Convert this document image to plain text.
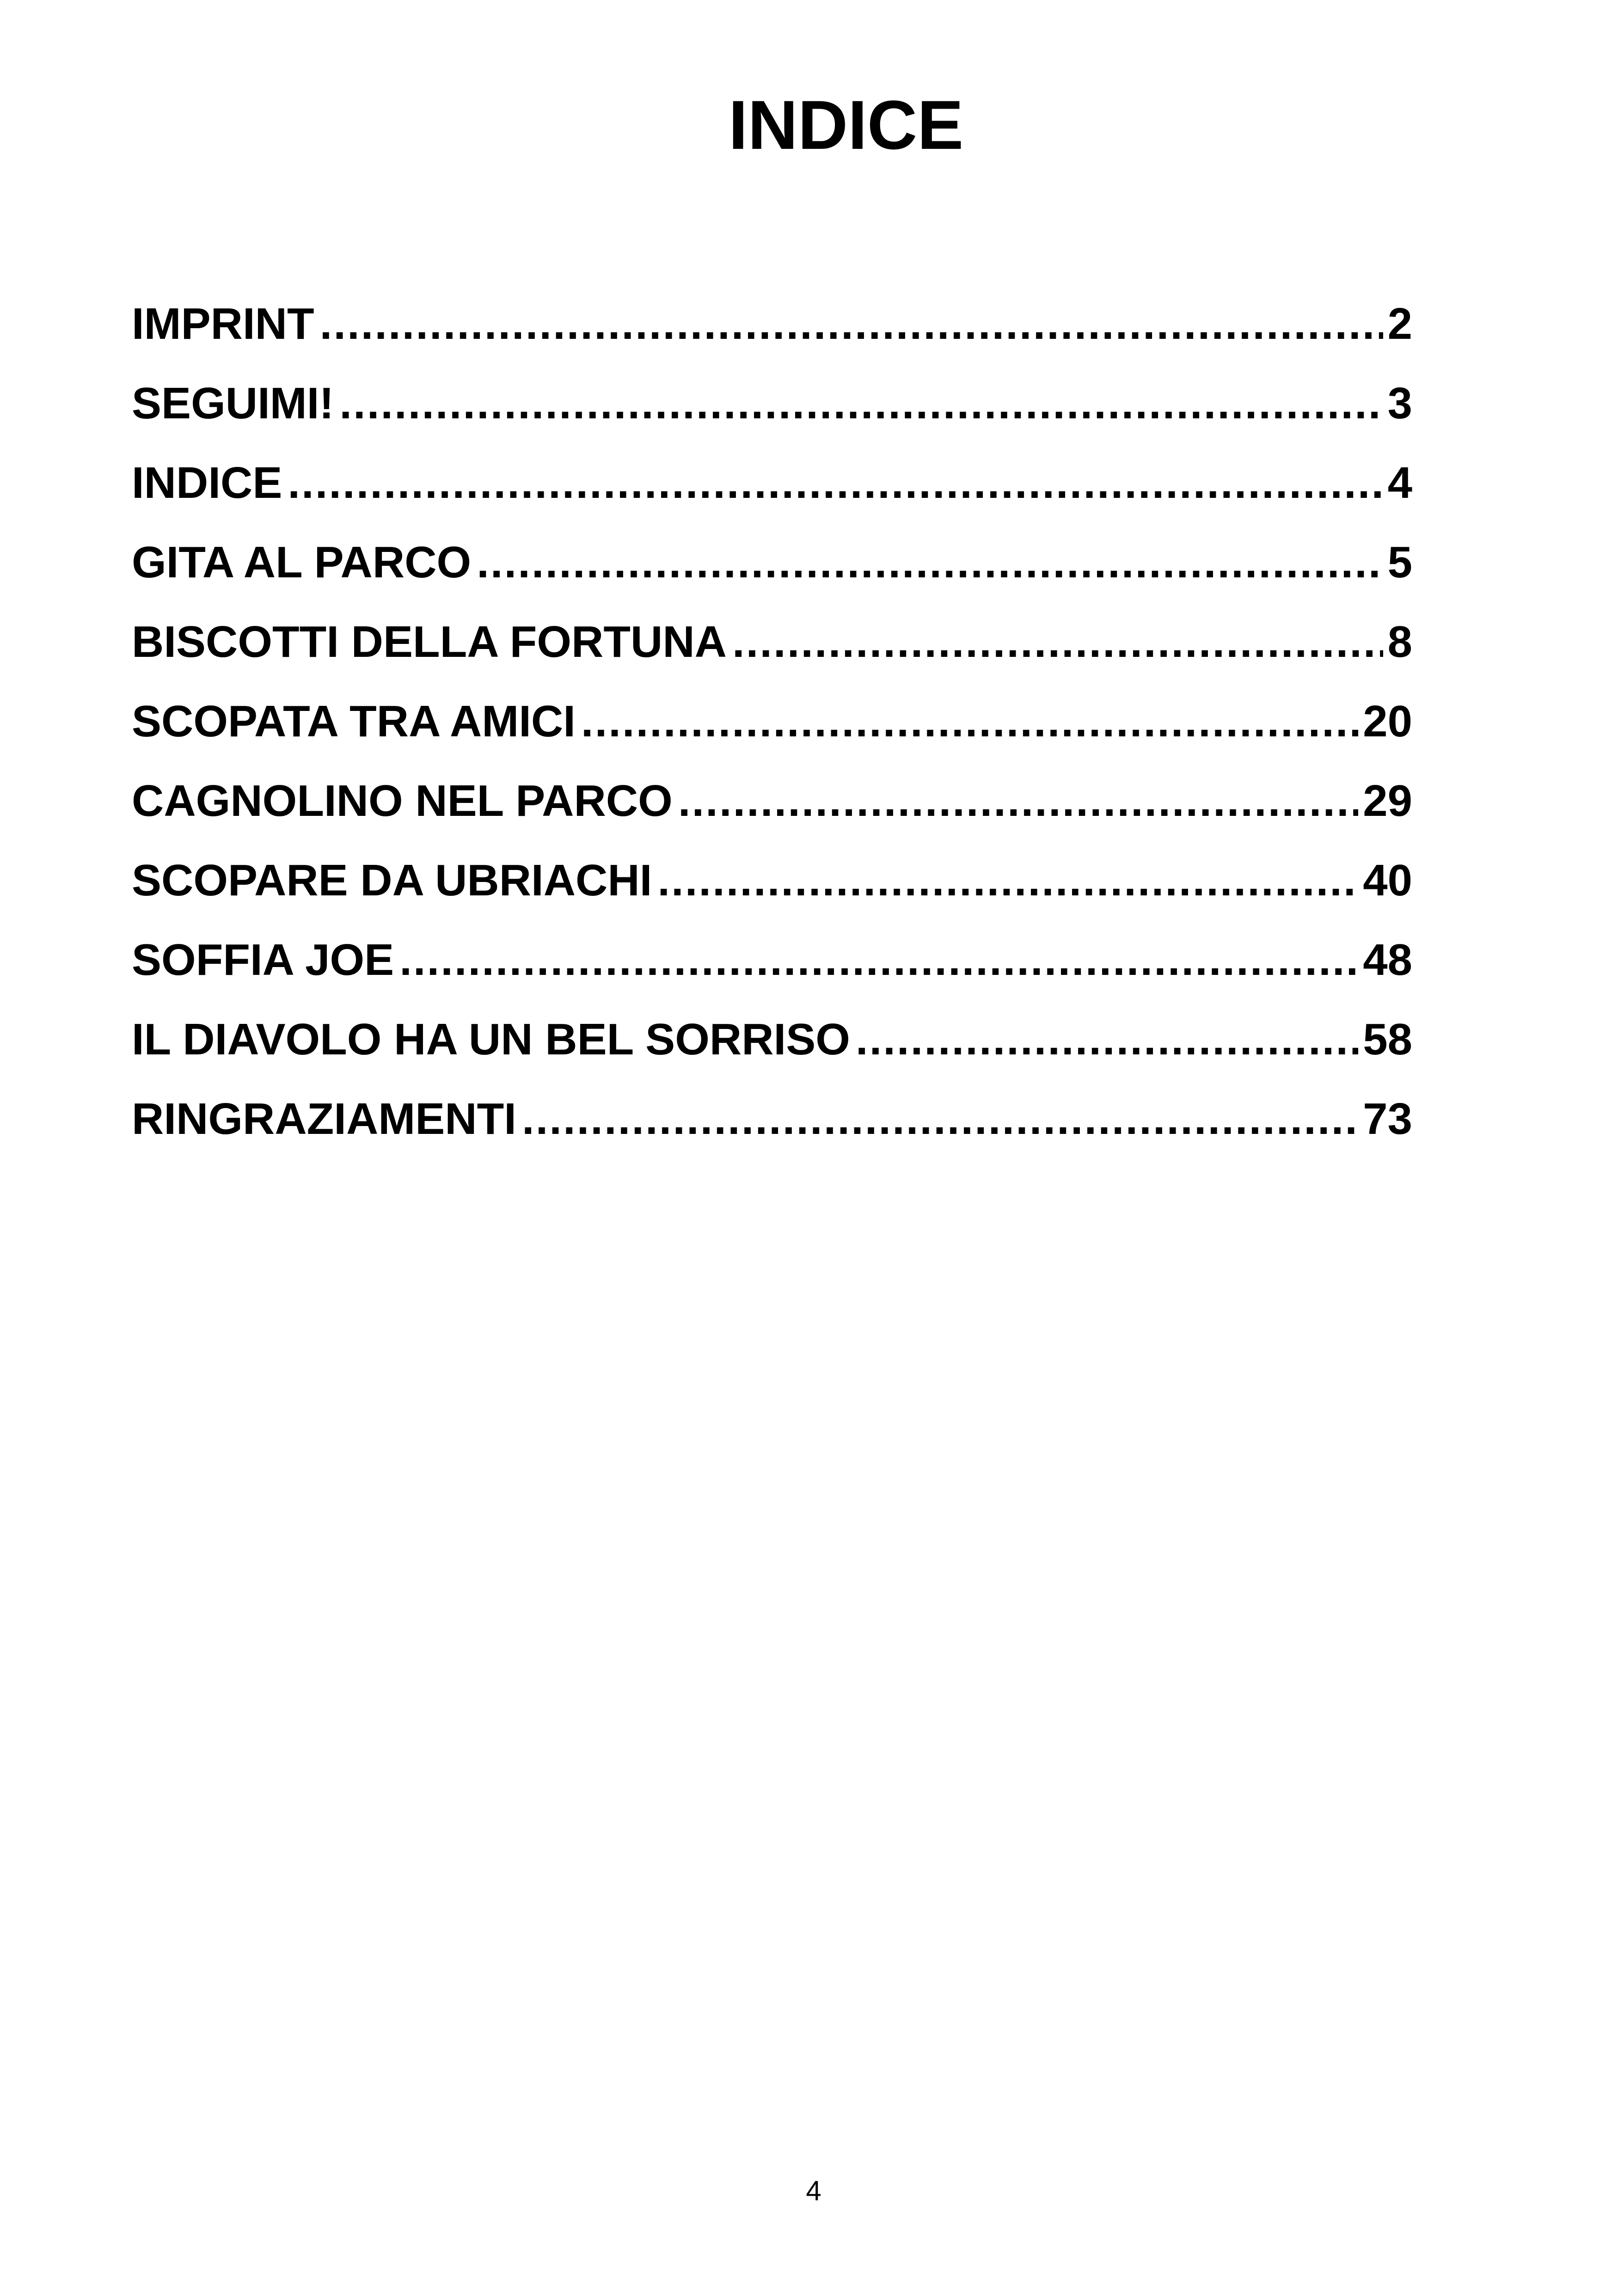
INDICE
IMPRINT .....	2
SEGUIMI! .....	3
INDICE .....	4
GITA AL PARCO .....	5
BISCOTTI DELLA FORTUNA .....	8
SCOPATA TRA AMICI .....	20
CAGNOLINO NEL PARCO .....	29
SCOPARE DA UBRIACHI .....	40
SOFFIA JOE .....	48
IL DIAVOLO HA UN BEL SORRISO .....	58
RINGRAZIAMENTI .....	73
4
